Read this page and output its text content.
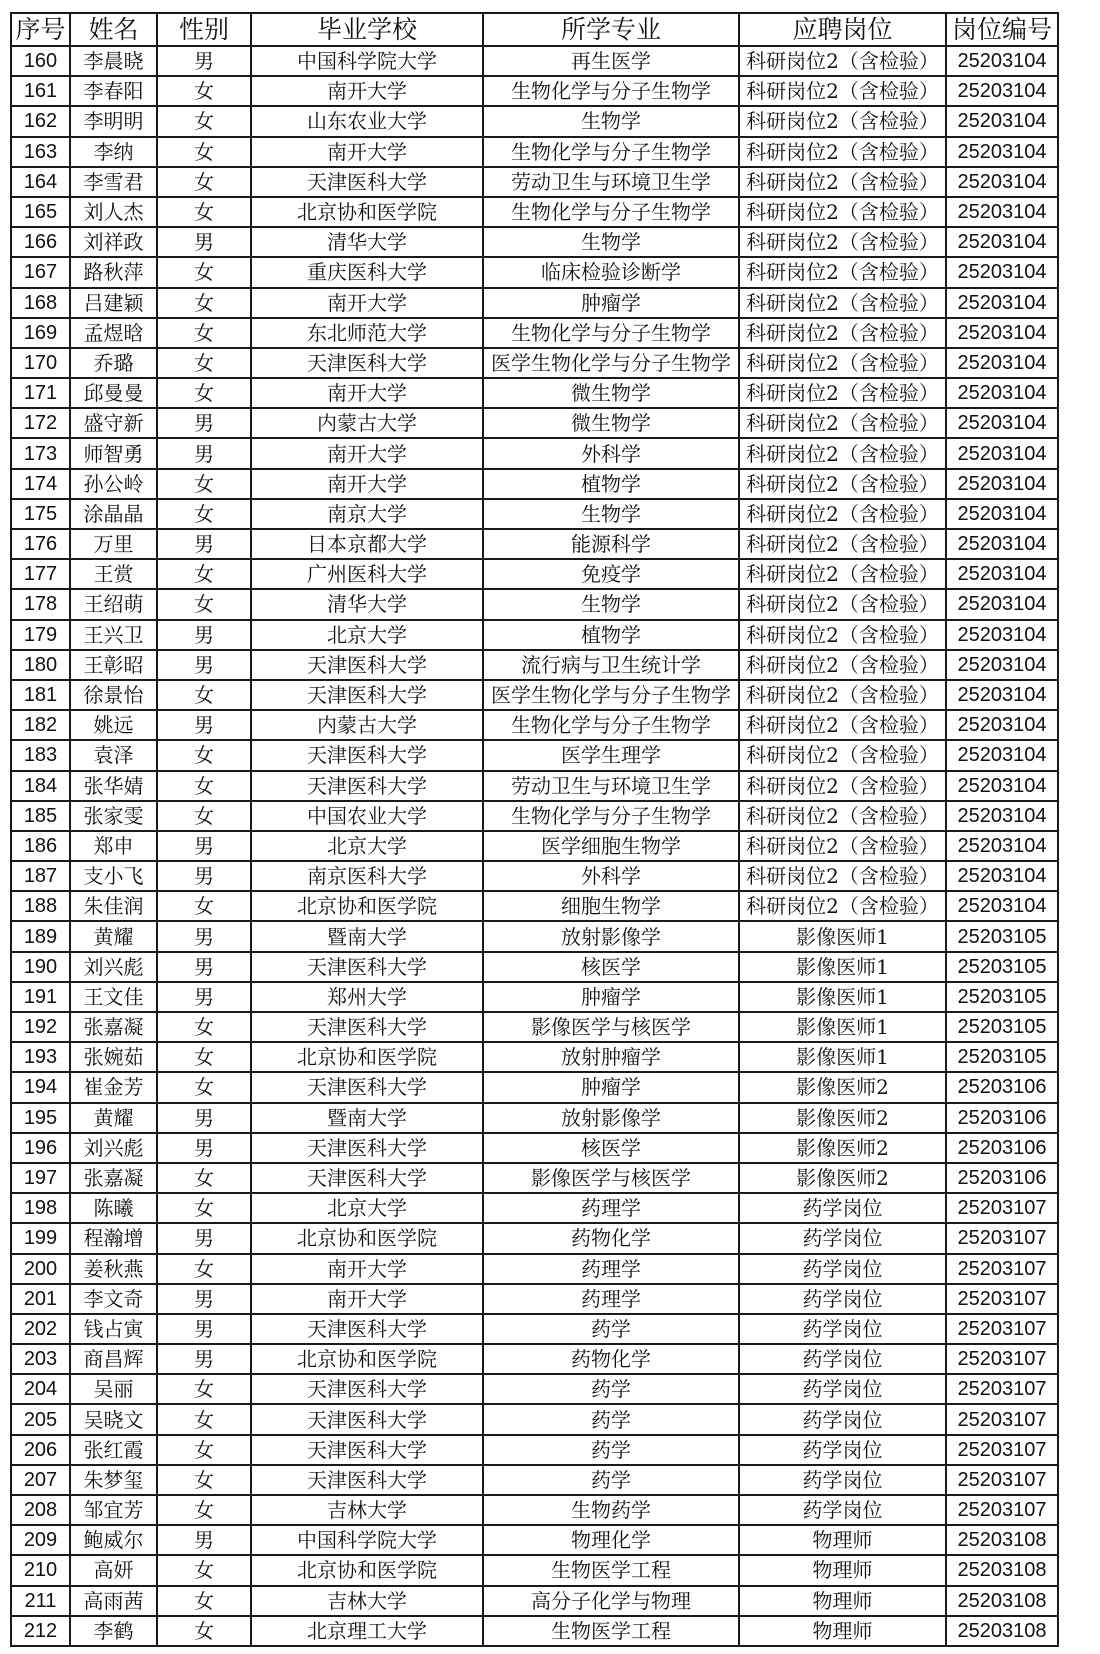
序号	姓名	性别	毕业学校	所学专业	应聘岗位	岗位编号
160	李晨晓	男	中国科学院大学	再生医学	科研岗位2（含检验）	25203104
161	李春阳	女	南开大学	生物化学与分子生物学	科研岗位2（含检验）	25203104
162	李明明	女	山东农业大学	生物学	科研岗位2（含检验）	25203104
163	李纳	女	南开大学	生物化学与分子生物学	科研岗位2（含检验）	25203104
164	李雪君	女	天津医科大学	劳动卫生与环境卫生学	科研岗位2（含检验）	25203104
165	刘人杰	女	北京协和医学院	生物化学与分子生物学	科研岗位2（含检验）	25203104
166	刘祥政	男	清华大学	生物学	科研岗位2（含检验）	25203104
167	路秋萍	女	重庆医科大学	临床检验诊断学	科研岗位2（含检验）	25203104
168	吕建颖	女	南开大学	肿瘤学	科研岗位2（含检验）	25203104
169	孟煜晗	女	东北师范大学	生物化学与分子生物学	科研岗位2（含检验）	25203104
170	乔璐	女	天津医科大学	医学生物化学与分子生物学	科研岗位2（含检验）	25203104
171	邱曼曼	女	南开大学	微生物学	科研岗位2（含检验）	25203104
172	盛守新	男	内蒙古大学	微生物学	科研岗位2（含检验）	25203104
173	师智勇	男	南开大学	外科学	科研岗位2（含检验）	25203104
174	孙公岭	女	南开大学	植物学	科研岗位2（含检验）	25203104
175	涂晶晶	女	南京大学	生物学	科研岗位2（含检验）	25203104
176	万里	男	日本京都大学	能源科学	科研岗位2（含检验）	25203104
177	王赏	女	广州医科大学	免疫学	科研岗位2（含检验）	25203104
178	王绍萌	女	清华大学	生物学	科研岗位2（含检验）	25203104
179	王兴卫	男	北京大学	植物学	科研岗位2（含检验）	25203104
180	王彰昭	男	天津医科大学	流行病与卫生统计学	科研岗位2（含检验）	25203104
181	徐景怡	女	天津医科大学	医学生物化学与分子生物学	科研岗位2（含检验）	25203104
182	姚远	男	内蒙古大学	生物化学与分子生物学	科研岗位2（含检验）	25203104
183	袁泽	女	天津医科大学	医学生理学	科研岗位2（含检验）	25203104
184	张华婧	女	天津医科大学	劳动卫生与环境卫生学	科研岗位2（含检验）	25203104
185	张家雯	女	中国农业大学	生物化学与分子生物学	科研岗位2（含检验）	25203104
186	郑申	男	北京大学	医学细胞生物学	科研岗位2（含检验）	25203104
187	支小飞	男	南京医科大学	外科学	科研岗位2（含检验）	25203104
188	朱佳润	女	北京协和医学院	细胞生物学	科研岗位2（含检验）	25203104
189	黄耀	男	暨南大学	放射影像学	影像医师1	25203105
190	刘兴彪	男	天津医科大学	核医学	影像医师1	25203105
191	王文佳	男	郑州大学	肿瘤学	影像医师1	25203105
192	张嘉凝	女	天津医科大学	影像医学与核医学	影像医师1	25203105
193	张婉茹	女	北京协和医学院	放射肿瘤学	影像医师1	25203105
194	崔金芳	女	天津医科大学	肿瘤学	影像医师2	25203106
195	黄耀	男	暨南大学	放射影像学	影像医师2	25203106
196	刘兴彪	男	天津医科大学	核医学	影像医师2	25203106
197	张嘉凝	女	天津医科大学	影像医学与核医学	影像医师2	25203106
198	陈曦	女	北京大学	药理学	药学岗位	25203107
199	程瀚增	男	北京协和医学院	药物化学	药学岗位	25203107
200	姜秋燕	女	南开大学	药理学	药学岗位	25203107
201	李文奇	男	南开大学	药理学	药学岗位	25203107
202	钱占寅	男	天津医科大学	药学	药学岗位	25203107
203	商昌辉	男	北京协和医学院	药物化学	药学岗位	25203107
204	吴丽	女	天津医科大学	药学	药学岗位	25203107
205	吴晓文	女	天津医科大学	药学	药学岗位	25203107
206	张红霞	女	天津医科大学	药学	药学岗位	25203107
207	朱梦玺	女	天津医科大学	药学	药学岗位	25203107
208	邹宜芳	女	吉林大学	生物药学	药学岗位	25203107
209	鲍威尔	男	中国科学院大学	物理化学	物理师	25203108
210	高妍	女	北京协和医学院	生物医学工程	物理师	25203108
211	高雨茜	女	吉林大学	高分子化学与物理	物理师	25203108
212	李鹤	女	北京理工大学	生物医学工程	物理师	25203108
